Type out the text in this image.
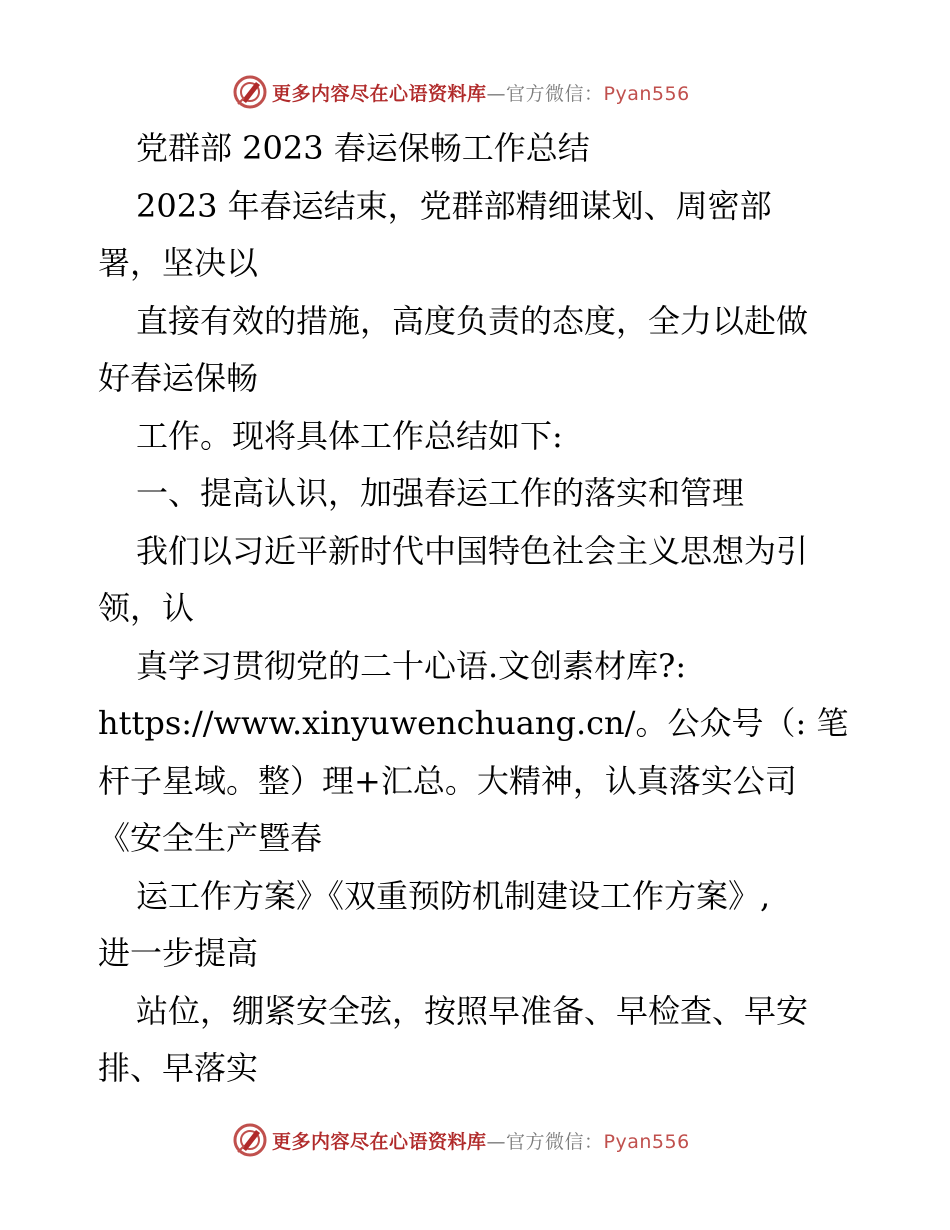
更多内容尽在心语资料库—官方微信：Pyan556
党群部 2023 春运保畅工作总结
2023 年春运结束，党群部精细谋划、周密部
署，坚决以
直接有效的措施，高度负责的态度，全力以赴做
好春运保畅
工作。现将具体工作总结如下:
一、提高认识，加强春运工作的落实和管理
我们以习近平新时代中国特色社会主义思想为引
领，认
真学习贯彻党的二十心语.文创素材库?:
https://www.xinyuwenchuang.cn/。公众号（: 笔
杆子星域。整）理+汇总。大精神，认真落实公司
《安全生产暨春
运工作方案》《双重预防机制建设工作方案》,
进一步提高
站位，绷紧安全弦，按照早准备、早检查、早安
排、早落实
更多内容尽在心语资料库—官方微信：Pyan556
